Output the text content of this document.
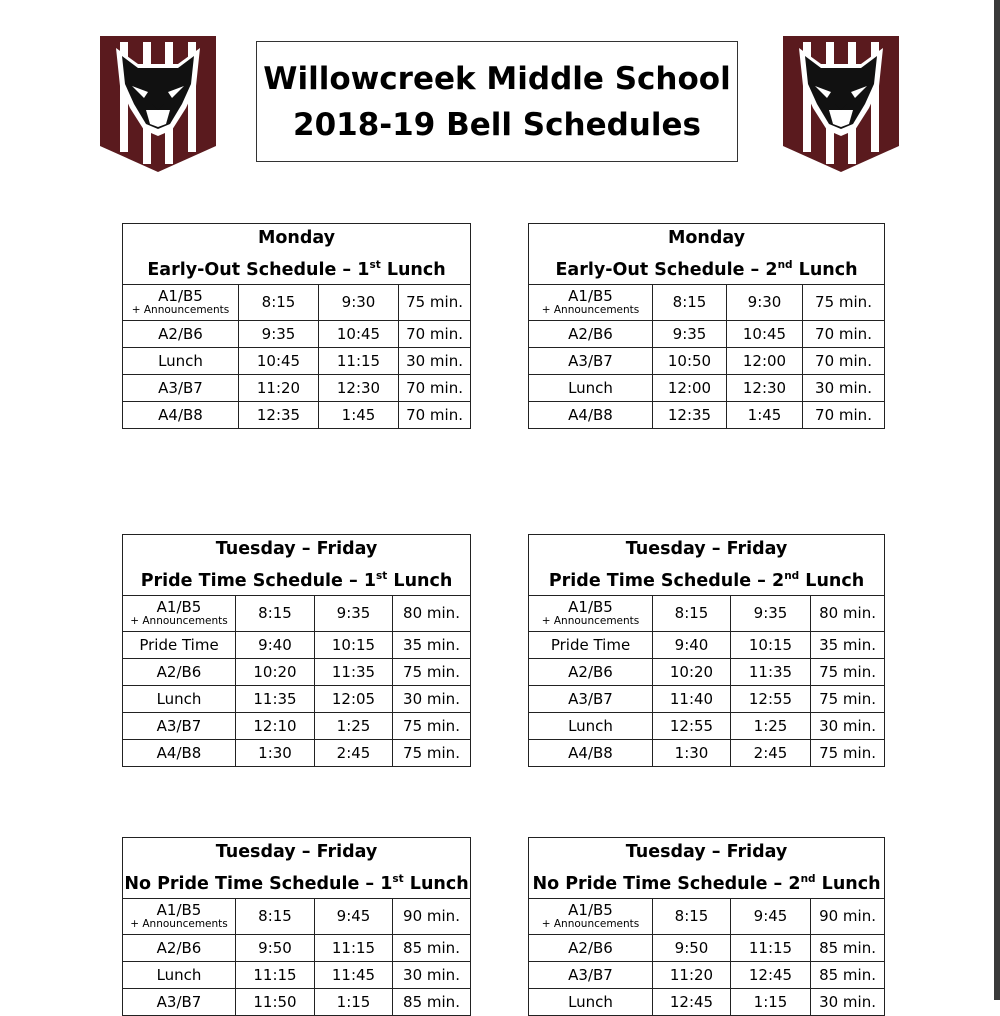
Willowcreek Middle School
2018-19 Bell Schedules
Monday
Early-Out Schedule – 1st Lunch			

A1/B5
+ Announcements	8:15	9:30	75 min.
A2/B6	9:35	10:45	70 min.
Lunch	10:45	11:15	30 min.
A3/B7	11:20	12:30	70 min.
A4/B8	12:35	1:45	70 min.
Monday
Early-Out Schedule – 2nd Lunch			

A1/B5
+ Announcements	8:15	9:30	75 min.
A2/B6	9:35	10:45	70 min.
A3/B7	10:50	12:00	70 min.
Lunch	12:00	12:30	30 min.
A4/B8	12:35	1:45	70 min.
Tuesday – Friday
Pride Time Schedule – 1st Lunch			

A1/B5
+ Announcements	8:15	9:35	80 min.
Pride Time	9:40	10:15	35 min.
A2/B6	10:20	11:35	75 min.
Lunch	11:35	12:05	30 min.
A3/B7	12:10	1:25	75 min.
A4/B8	1:30	2:45	75 min.
Tuesday – Friday
Pride Time Schedule – 2nd Lunch			

A1/B5
+ Announcements	8:15	9:35	80 min.
Pride Time	9:40	10:15	35 min.
A2/B6	10:20	11:35	75 min.
A3/B7	11:40	12:55	75 min.
Lunch	12:55	1:25	30 min.
A4/B8	1:30	2:45	75 min.
Tuesday – Friday
No Pride Time Schedule – 1st Lunch			

A1/B5
+ Announcements	8:15	9:45	90 min.
A2/B6	9:50	11:15	85 min.
Lunch	11:15	11:45	30 min.
A3/B7	11:50	1:15	85 min.
Tuesday – Friday
No Pride Time Schedule – 2nd Lunch			

A1/B5
+ Announcements	8:15	9:45	90 min.
A2/B6	9:50	11:15	85 min.
A3/B7	11:20	12:45	85 min.
Lunch	12:45	1:15	30 min.
